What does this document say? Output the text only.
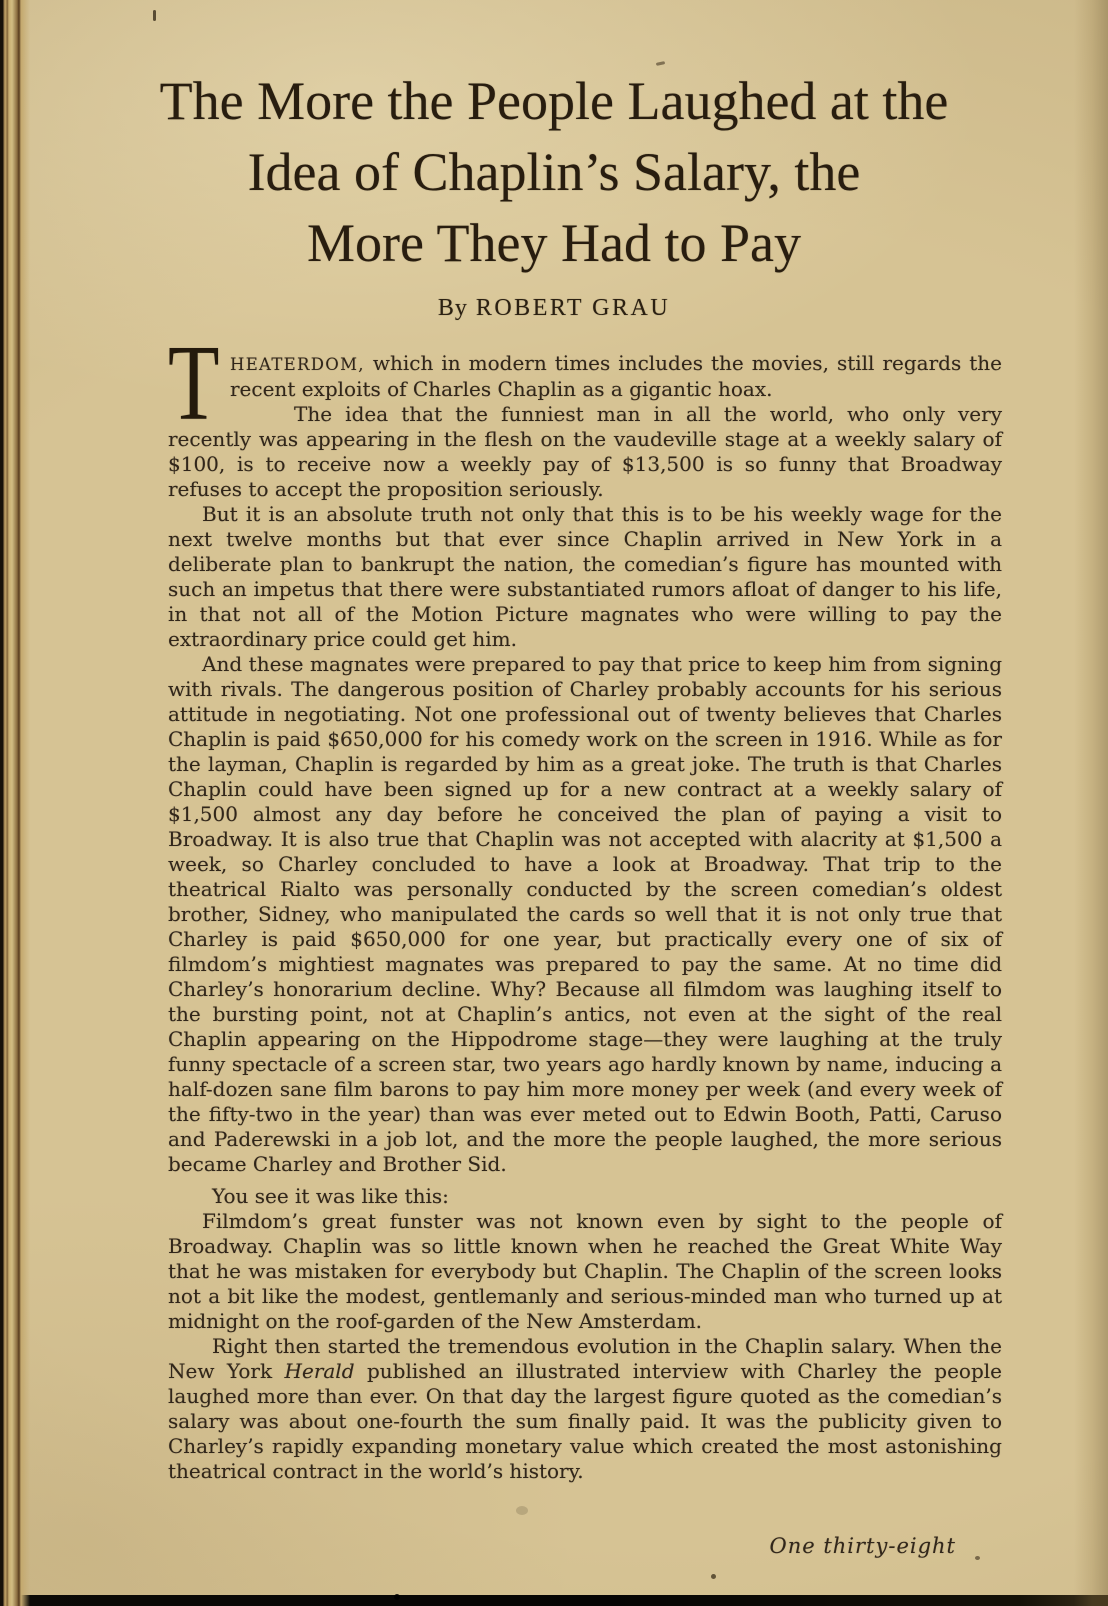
The More the People Laughed at the
Idea of Chaplin’s Salary, the
More They Had to Pay
By ROBERT GRAU

T HEATERDOM, which in modern times includes the movies, still regards the recent exploits of Charles Chaplin as a gigantic hoax.

The idea that the funniest man in all the world, who only very recently was appearing in the flesh on the vaudeville stage at a weekly salary of $100, is to receive now a weekly pay of $13,500 is so funny that Broadway refuses to accept the proposition seriously.

But it is an absolute truth not only that this is to be his weekly wage for the next twelve months but that ever since Chaplin arrived in New York in a deliberate plan to bankrupt the nation, the comedian’s figure has mounted with such an impetus that there were substantiated rumors afloat of danger to his life, in that not all of the Motion Picture magnates who were willing to pay the extraordinary price could get him.

And these magnates were prepared to pay that price to keep him from signing with rivals. The dangerous position of Charley probably accounts for his serious attitude in negotiating. Not one professional out of twenty believes that Charles Chaplin is paid $650,000 for his comedy work on the screen in 1916. While as for the layman, Chaplin is regarded by him as a great joke. The truth is that Charles Chaplin could have been signed up for a new contract at a weekly salary of $1,500 almost any day before he conceived the plan of paying a visit to Broadway. It is also true that Chaplin was not accepted with alacrity at $1,500 a week, so Charley concluded to have a look at Broadway. That trip to the theatrical Rialto was personally conducted by the screen comedian’s oldest brother, Sidney, who manipulated the cards so well that it is not only true that Charley is paid $650,000 for one year, but practically every one of six of filmdom’s mightiest magnates was prepared to pay the same. At no time did Charley’s honorarium decline. Why? Because all filmdom was laughing itself to the bursting point, not at Chaplin’s antics, not even at the sight of the real Chaplin appearing on the Hippodrome stage—they were laughing at the truly funny spectacle of a screen star, two years ago hardly known by name, inducing a half-dozen sane film barons to pay him more money per week (and every week of the fifty-two in the year) than was ever meted out to Edwin Booth, Patti, Caruso and Paderewski in a job lot, and the more the people laughed, the more serious became Charley and Brother Sid.

You see it was like this:

Filmdom’s great funster was not known even by sight to the people of Broadway. Chaplin was so little known when he reached the Great White Way that he was mistaken for everybody but Chaplin. The Chaplin of the screen looks not a bit like the modest, gentlemanly and serious-minded man who turned up at midnight on the roof-garden of the New Amsterdam.

Right then started the tremendous evolution in the Chaplin salary. When the New York Herald published an illustrated interview with Charley the people laughed more than ever. On that day the largest figure quoted as the comedian’s salary was about one-fourth the sum finally paid. It was the publicity given to Charley’s rapidly expanding monetary value which created the most astonishing theatrical contract in the world’s history.

One thirty-eight
